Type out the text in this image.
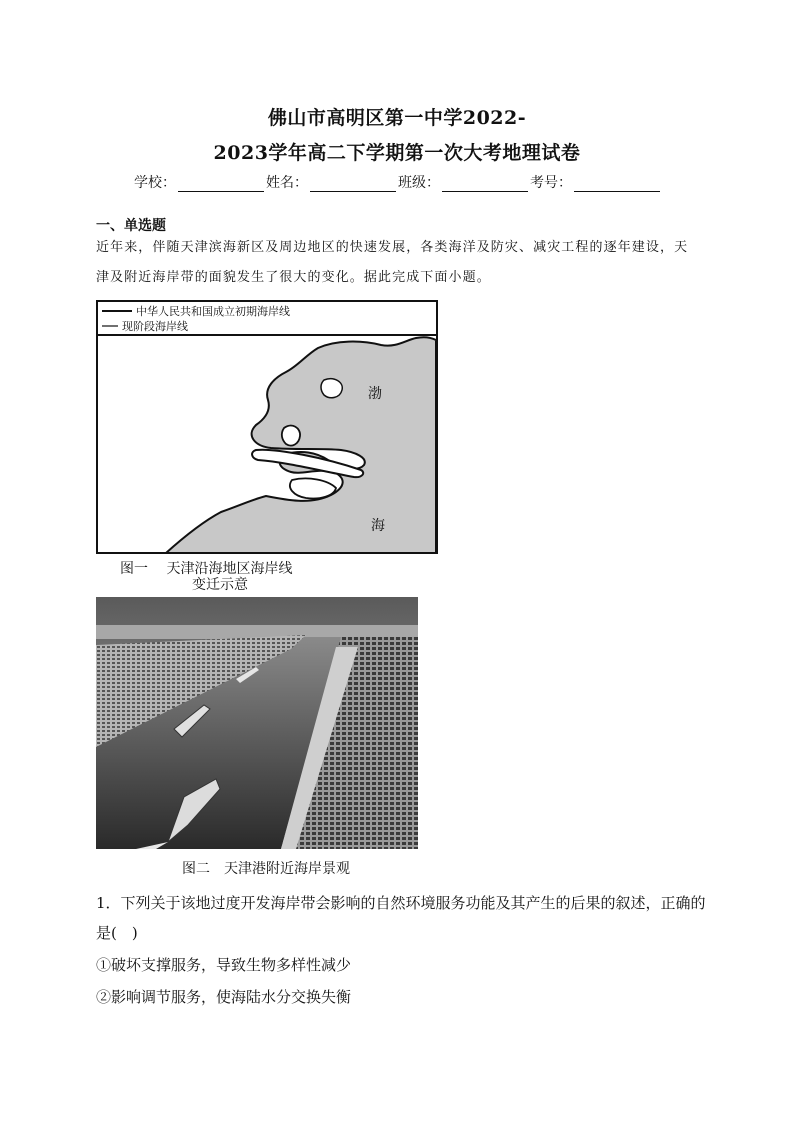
佛山市高明区第一中学2022-
2023学年高二下学期第一次大考地理试卷
学校：	姓名：	班级：	考号：
一、单选题
近年来，伴随天津滨海新区及周边地区的快速发展，各类海洋及防灾、减灾工程的逐年建设，天津及附近海岸带的面貌发生了很大的变化。据此完成下面小题。
中华人民共和国成立初期海岸线
现阶段海岸线
渤
海
图一　 天津沿海地区海岸线
变迁示意
图二　天津港附近海岸景观
1．下列关于该地过度开发海岸带会影响的自然环境服务功能及其产生的后果的叙述，正确的是(　)
①破坏支撑服务，导致生物多样性减少
②影响调节服务，使海陆水分交换失衡
